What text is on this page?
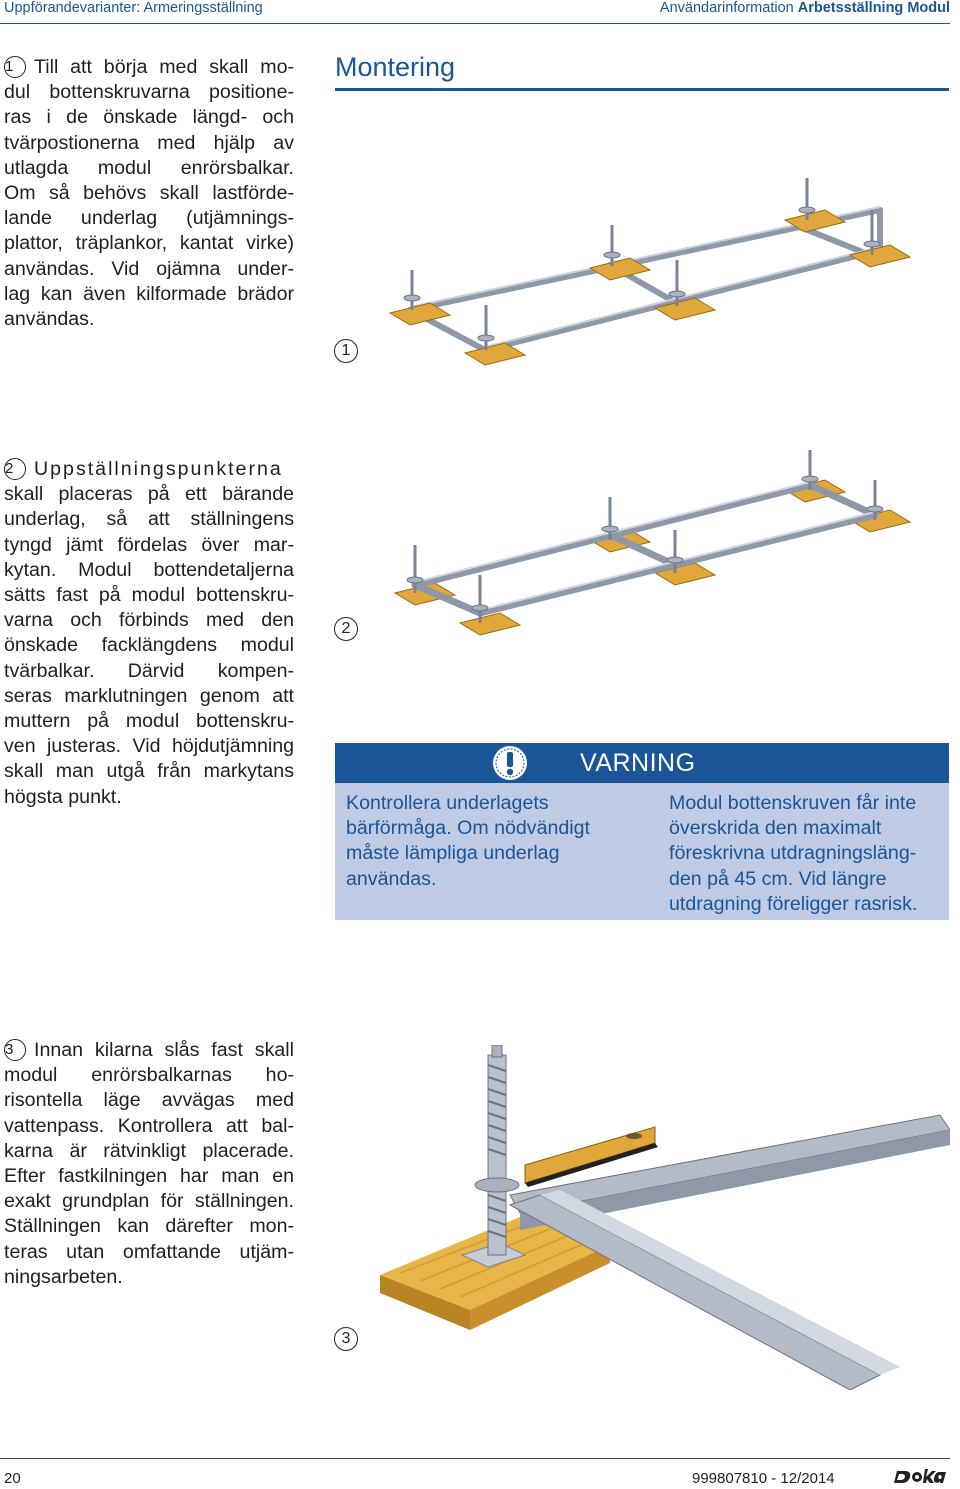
Uppförandevarianter: Armeringsställning	Användarinformation Arbetsställning Modul
Montering
1 Till att börja med skall mo-
dul bottenskruvarna positione-
ras i de önskade längd- och
tvärpostionerna med hjälp av
utlagda modul enrörsbalkar.
Om så behövs skall lastförde-
lande underlag (utjämnings-
plattor, träplankor, kantat virke)
användas. Vid ojämna under-
lag kan även kilformade brädor
användas.
1
2 Uppställningspunkterna
skall placeras på ett bärande
underlag, så att ställningens
tyngd jämt fördelas över mar-
kytan. Modul bottendetaljerna
sätts fast på modul bottenskru-
varna och förbinds med den
önskade facklängdens modul
tvärbalkar. Därvid kompen-
seras marklutningen genom att
muttern på modul bottenskru-
ven justeras. Vid höjdutjämning
skall man utgå från markytans
högsta punkt.
2
VARNING
Kontrollera underlagets
bärförmåga. Om nödvändigt
måste lämpliga underlag
användas.
Modul bottenskruven får inte
överskrida den maximalt
föreskrivna utdragningsläng-
den på 45 cm. Vid längre
utdragning föreligger rasrisk.
3 Innan kilarna slås fast skall
modul enrörsbalkarnas ho-
risontella läge avvägas med
vattenpass. Kontrollera att bal-
karna är rätvinkligt placerade.
Efter fastkilningen har man en
exakt grundplan för ställningen.
Ställningen kan därefter mon-
teras utan omfattande utjäm-
ningsarbeten.
3
20	999807810 - 12/2014
